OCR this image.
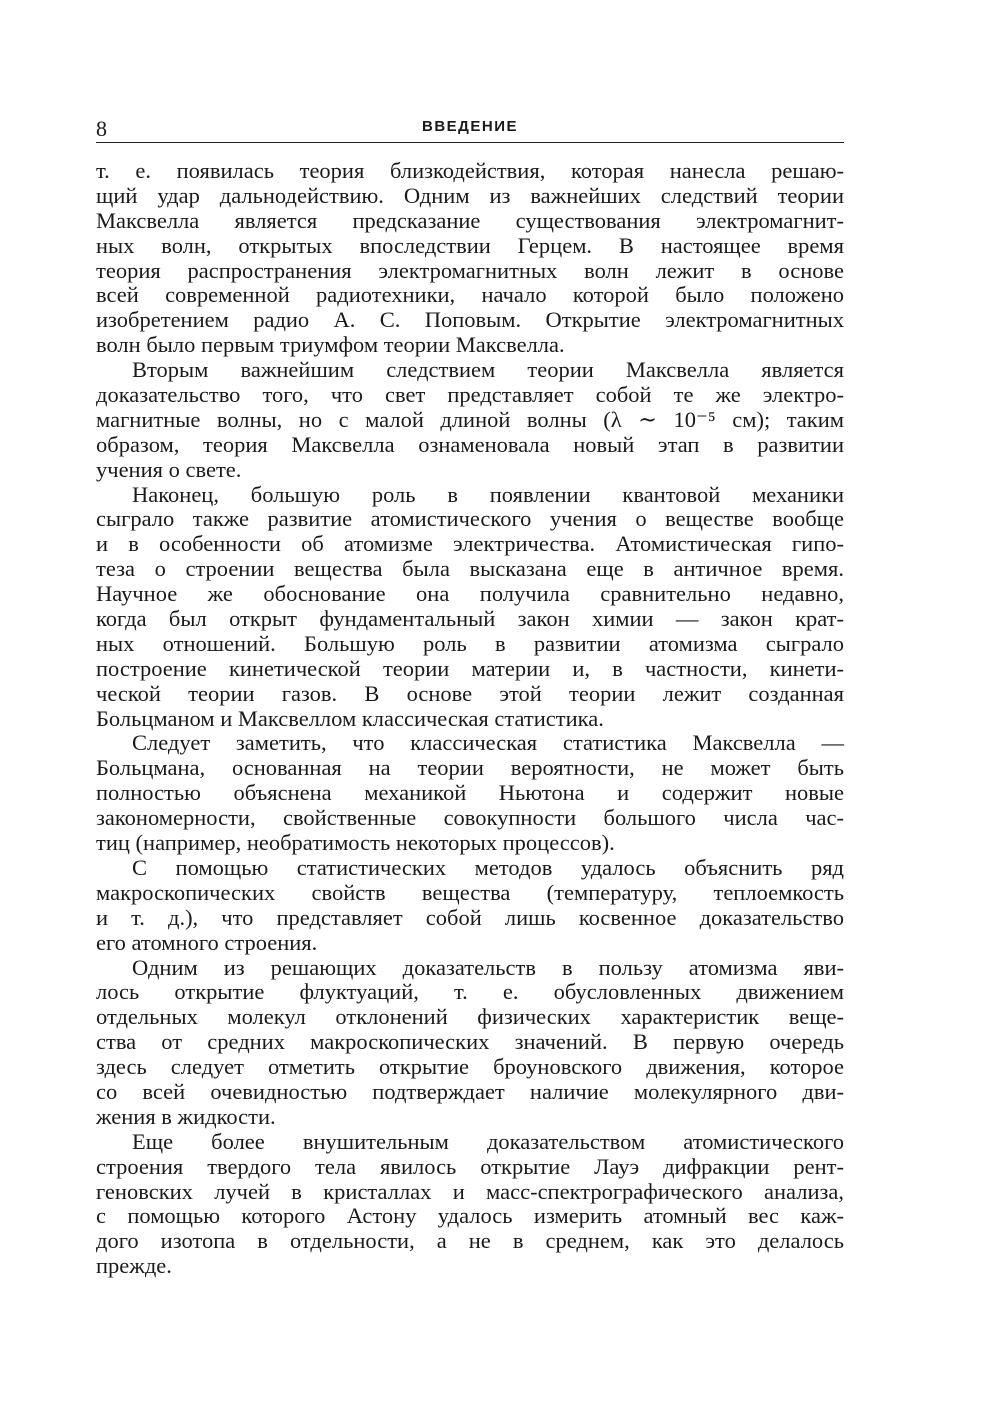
8	ВВЕДЕНИЕ
т. е. появилась теория близкодействия, которая нанесла решаю-
щий удар дальнодействию. Одним из важнейших следствий теории
Максвелла является предсказание существования электромагнит-
ных волн, открытых впоследствии Герцем. В настоящее время
теория распространения электромагнитных волн лежит в основе
всей современной радиотехники, начало которой было положено
изобретением радио А. С. Поповым. Открытие электромагнитных
волн было первым триумфом теории Максвелла.
Вторым важнейшим следствием теории Максвелла является
доказательство того, что свет представляет собой те же электро-
магнитные волны, но с малой длиной волны (λ ∼ 10⁻⁵ см); таким
образом, теория Максвелла ознаменовала новый этап в развитии
учения о свете.
Наконец, большую роль в появлении квантовой механики
сыграло также развитие атомистического учения о веществе вообще
и в особенности об атомизме электричества. Атомистическая гипо-
теза о строении вещества была высказана еще в античное время.
Научное же обоснование она получила сравнительно недавно,
когда был открыт фундаментальный закон химии — закон крат-
ных отношений. Большую роль в развитии атомизма сыграло
построение кинетической теории материи и, в частности, кинети-
ческой теории газов. В основе этой теории лежит созданная
Больцманом и Максвеллом классическая статистика.
Следует заметить, что классическая статистика Максвелла —
Больцмана, основанная на теории вероятности, не может быть
полностью объяснена механикой Ньютона и содержит новые
закономерности, свойственные совокупности большого числа час-
тиц (например, необратимость некоторых процессов).
С помощью статистических методов удалось объяснить ряд
макроскопических свойств вещества (температуру, теплоемкость
и т. д.), что представляет собой лишь косвенное доказательство
его атомного строения.
Одним из решающих доказательств в пользу атомизма яви-
лось открытие флуктуаций, т. е. обусловленных движением
отдельных молекул отклонений физических характеристик веще-
ства от средних макроскопических значений. В первую очередь
здесь следует отметить открытие броуновского движения, которое
со всей очевидностью подтверждает наличие молекулярного дви-
жения в жидкости.
Еще более внушительным доказательством атомистического
строения твердого тела явилось открытие Лауэ дифракции рент-
геновских лучей в кристаллах и масс-спектрографического анализа,
с помощью которого Астону удалось измерить атомный вес каж-
дого изотопа в отдельности, а не в среднем, как это делалось
прежде.
